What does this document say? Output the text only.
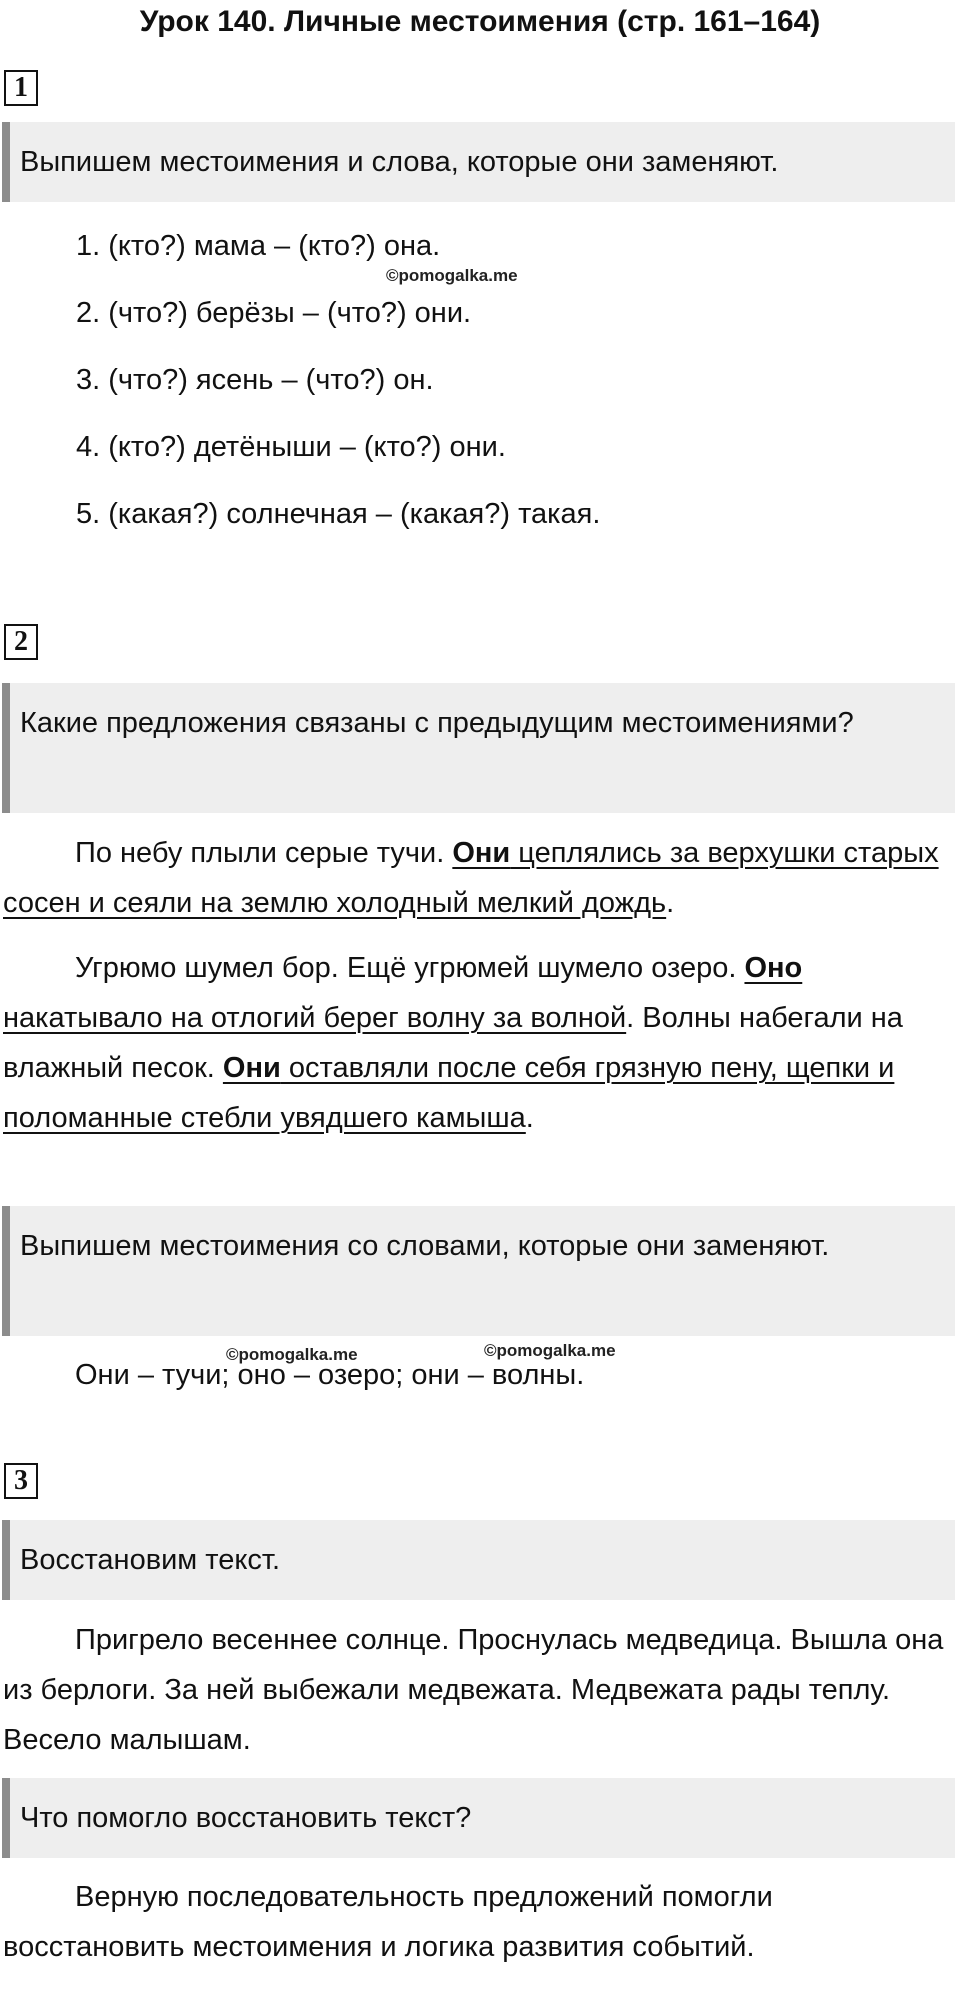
Урок 140. Личные местоимения (стр. 161–164)
1
Выпишем местоимения и слова, которые они заменяют.
1. (кто?) мама – (кто?) она.
2. (что?) берёзы – (что?) они.
3. (что?) ясень – (что?) он.
4. (кто?) детёныши – (кто?) они.
5. (какая?) солнечная – (какая?) такая.
©pomogalka.me
2
Какие предложения связаны с предыдущим местоимениями?
По небу плыли серые тучи. Они цеплялись за верхушки старых сосен и сеяли на землю холодный мелкий дождь.
Угрюмо шумел бор. Ещё угрюмей шумело озеро. Оно накатывало на отлогий берег волну за волной. Волны набегали на влажный песок. Они оставляли после себя грязную пену, щепки и поломанные стебли увядшего камыша.
Выпишем местоимения со словами, которые они заменяют.
©pomogalka.me	©pomogalka.me
Они – тучи; оно – озеро; они – волны.
3
Восстановим текст.
Пригрело весеннее солнце. Проснулась медведица. Вышла она из берлоги. За ней выбежали медвежата. Медвежата рады теплу. Весело малышам.
Что помогло восстановить текст?
Верную последовательность предложений помогли восстановить местоимения и логика развития событий.
